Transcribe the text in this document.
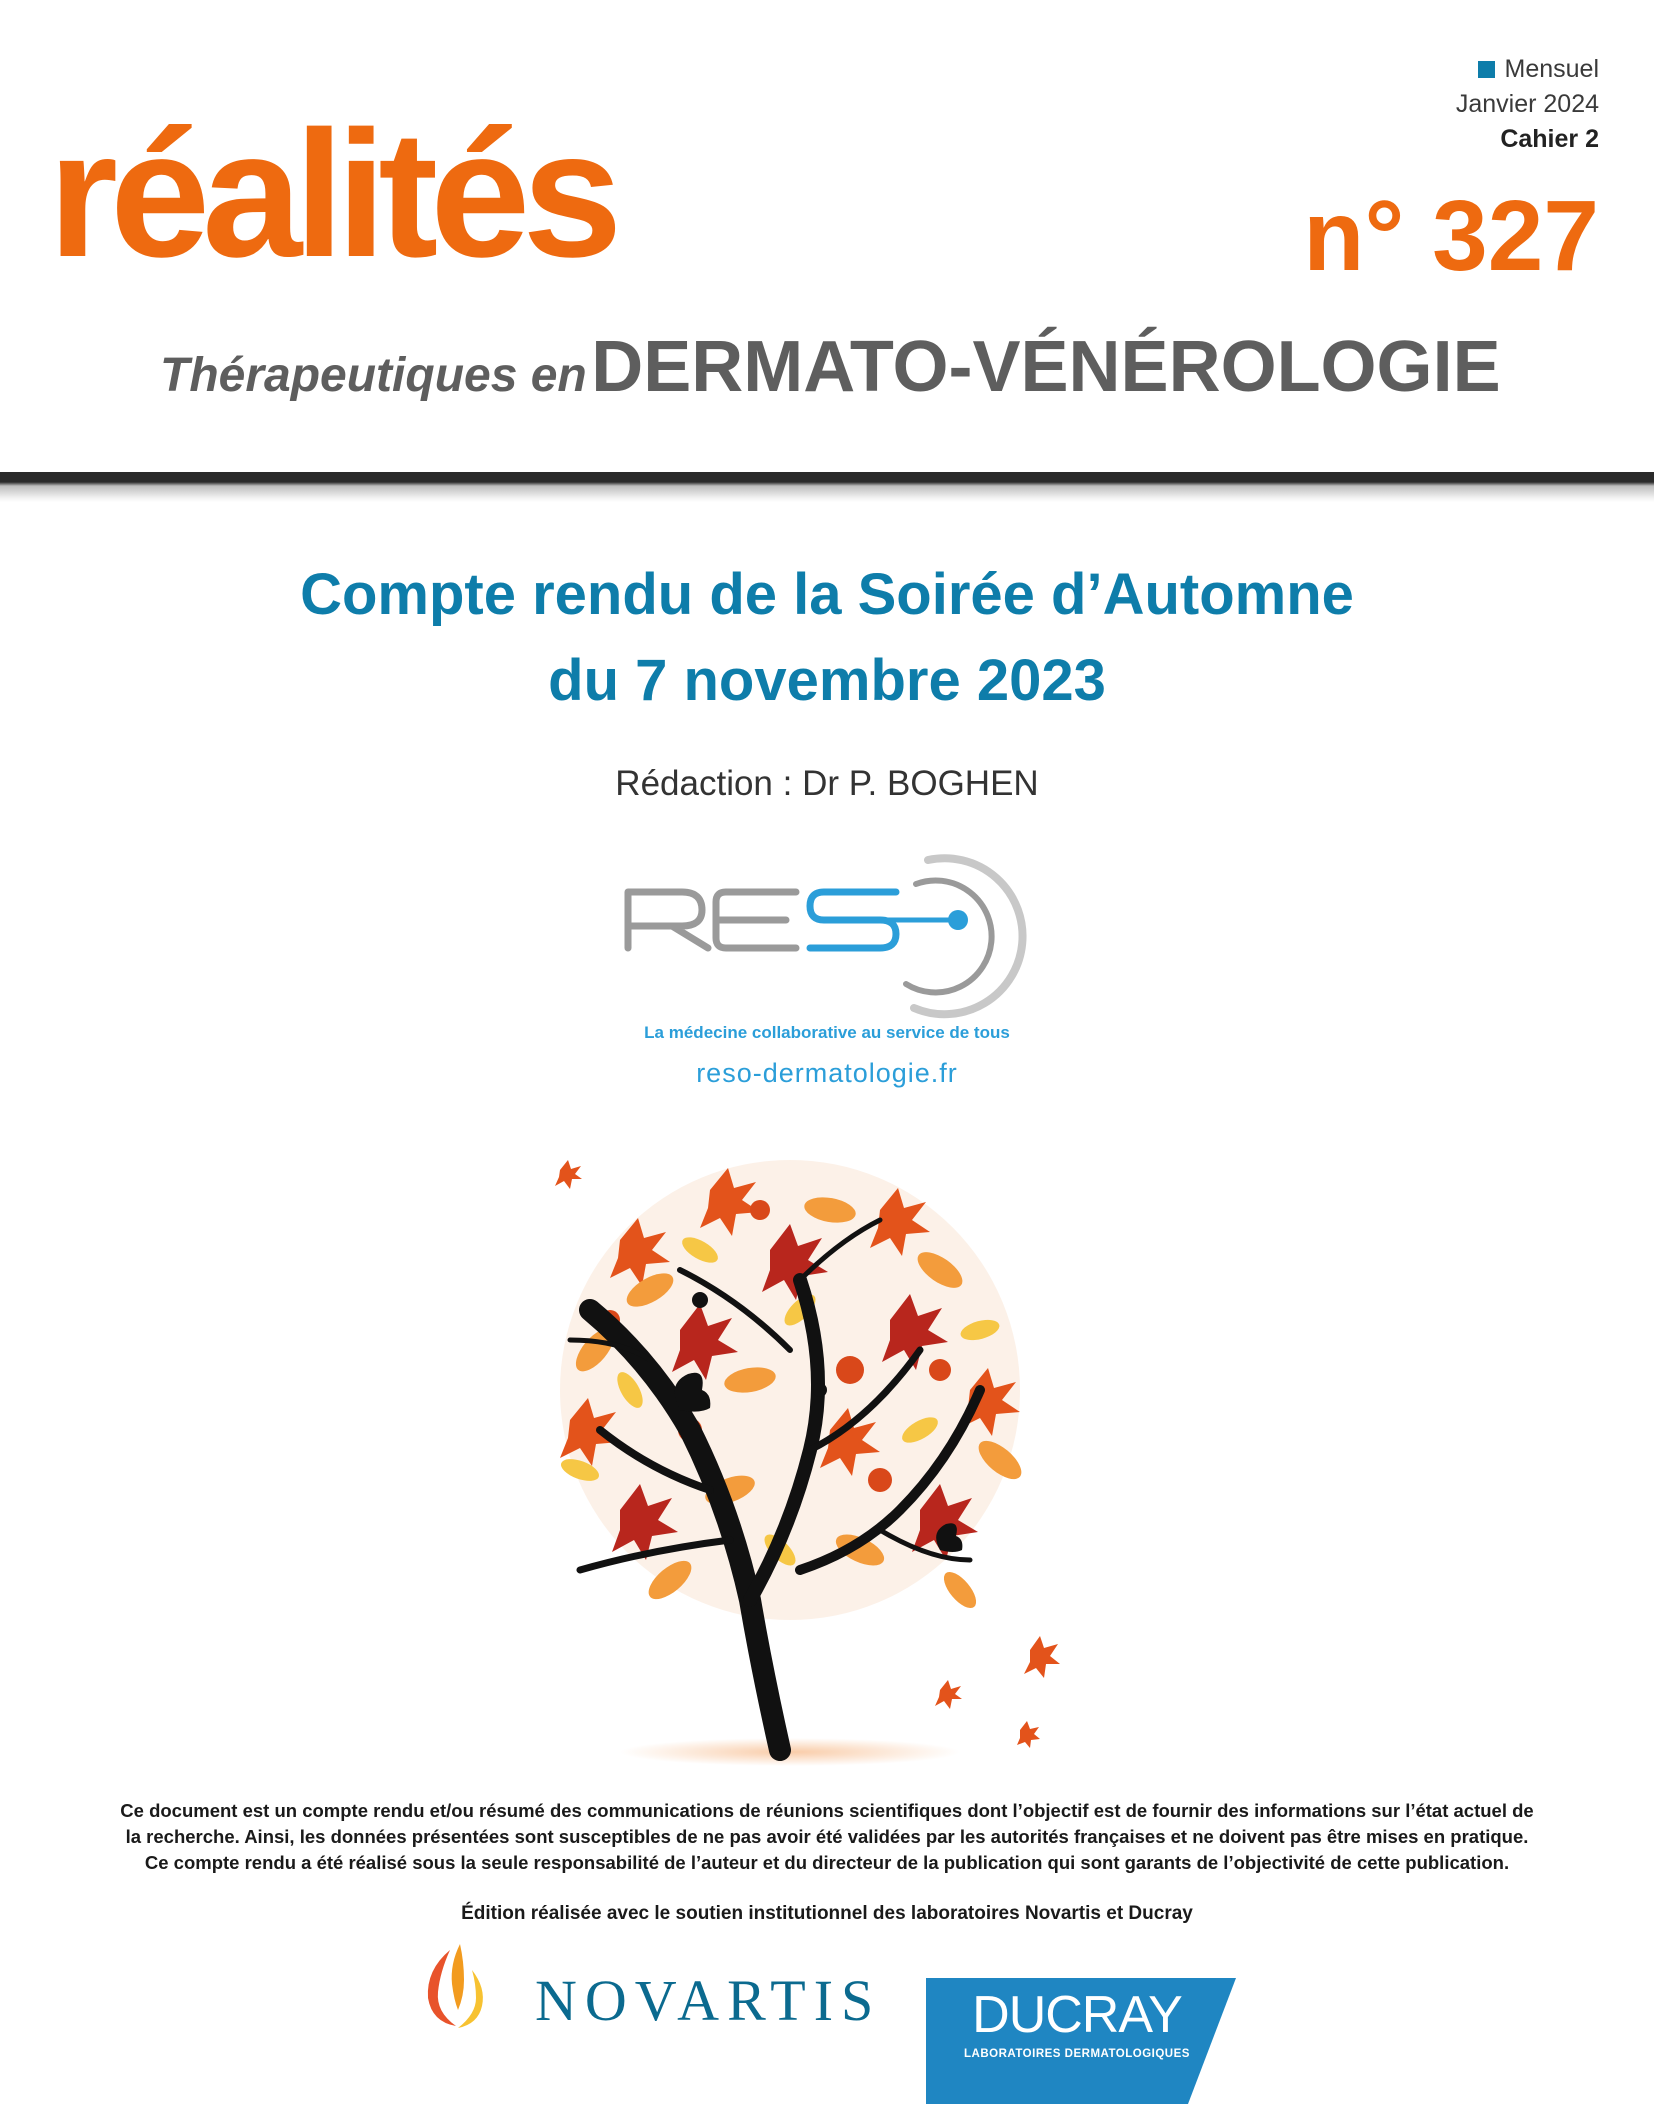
Mensuel
Janvier 2024
Cahier 2
réalités	n° 327
Thérapeutiques en DERMATO-VÉNÉROLOGIE
Compte rendu de la Soirée d’Automne
du 7 novembre 2023
Rédaction : Dr P. BOGHEN
La médecine collaborative au service de tous
reso-dermatologie.fr
Ce document est un compte rendu et/ou résumé des communications de réunions scientifiques dont l’objectif est de fournir des informations sur l’état actuel de
la recherche. Ainsi, les données présentées sont susceptibles de ne pas avoir été validées par les autorités françaises et ne doivent pas être mises en pratique.
Ce compte rendu a été réalisé sous la seule responsabilité de l’auteur et du directeur de la publication qui sont garants de l’objectivité de cette publication.
Édition réalisée avec le soutien institutionnel des laboratoires Novartis et Ducray
NOVARTIS	DUCRAY
LABORATOIRES DERMATOLOGIQUES
